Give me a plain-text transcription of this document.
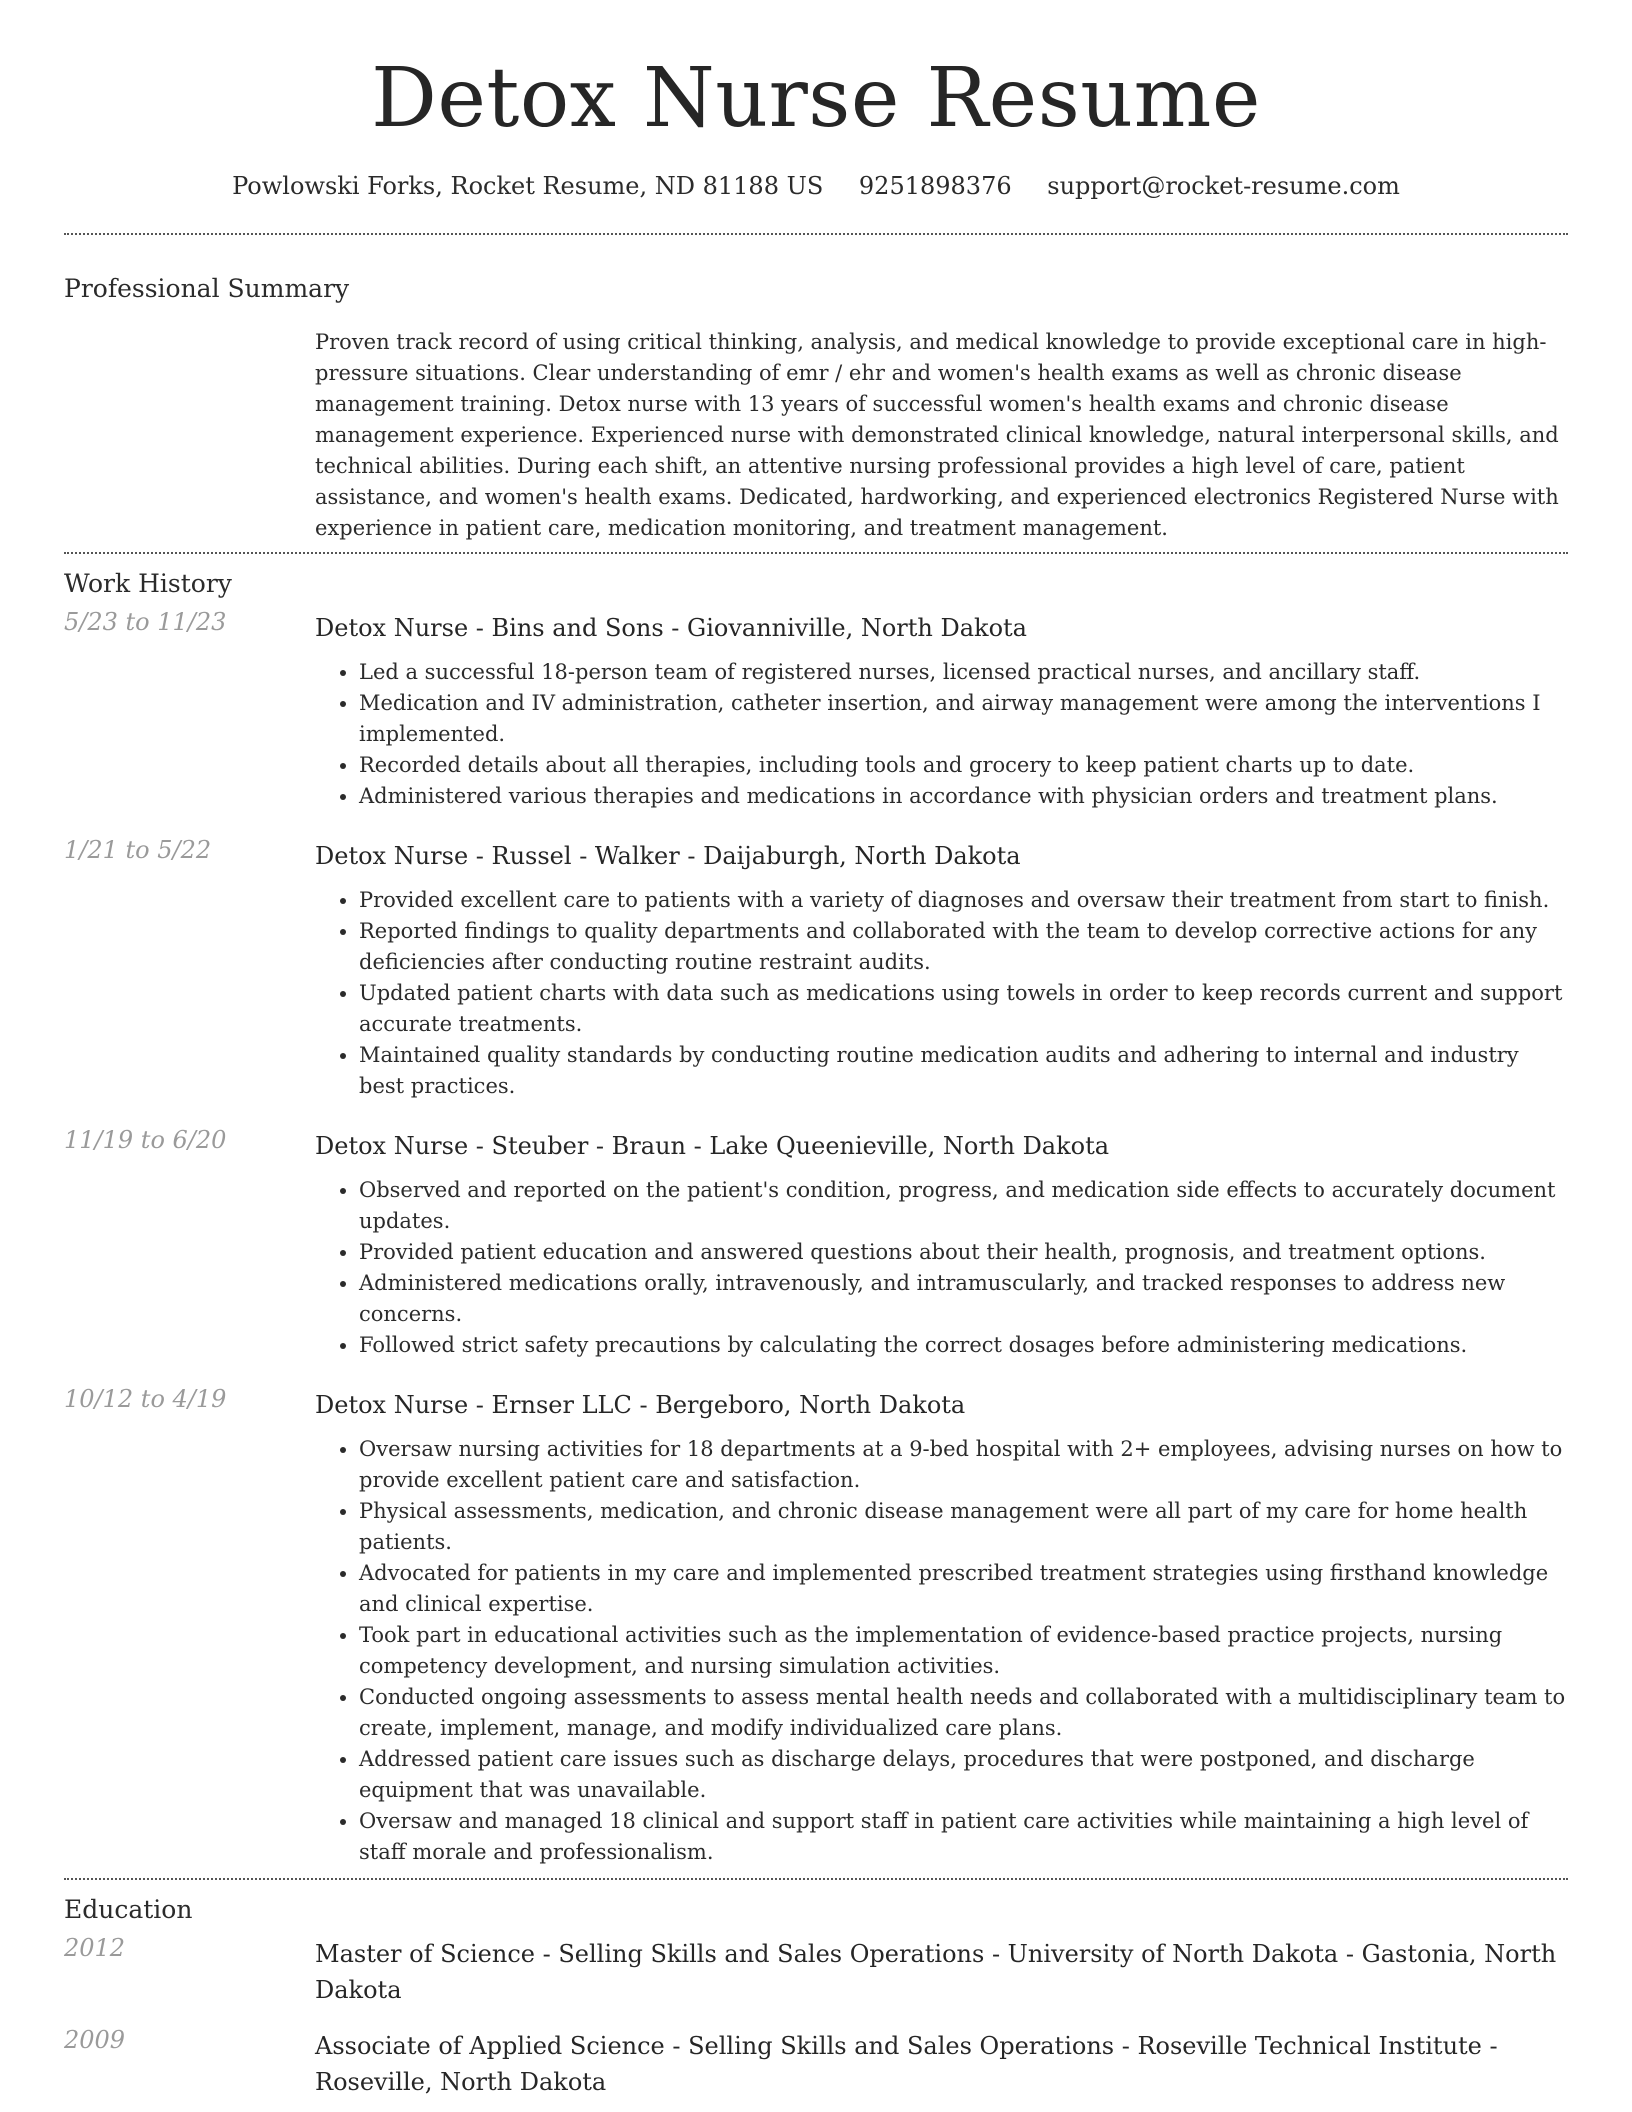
Detox Nurse Resume
Powlowski Forks, Rocket Resume, ND 81188 US 9251898376 support@rocket-resume.com
Professional Summary
Proven track record of using critical thinking, analysis, and medical knowledge to provide exceptional care in high-pressure situations. Clear understanding of emr / ehr and women's health exams as well as chronic disease management training. Detox nurse with 13 years of successful women's health exams and chronic disease management experience. Experienced nurse with demonstrated clinical knowledge, natural interpersonal skills, and technical abilities. During each shift, an attentive nursing professional provides a high level of care, patient assistance, and women's health exams. Dedicated, hardworking, and experienced electronics Registered Nurse with experience in patient care, medication monitoring, and treatment management.
Work History
5/23 to 11/23	Detox Nurse - Bins and Sons - Giovanniville, North Dakota
• Led a successful 18-person team of registered nurses, licensed practical nurses, and ancillary staff.
• Medication and IV administration, catheter insertion, and airway management were among the interventions I implemented.
• Recorded details about all therapies, including tools and grocery to keep patient charts up to date.
• Administered various therapies and medications in accordance with physician orders and treatment plans.
1/21 to 5/22	Detox Nurse - Russel - Walker - Daijaburgh, North Dakota
• Provided excellent care to patients with a variety of diagnoses and oversaw their treatment from start to finish.
• Reported findings to quality departments and collaborated with the team to develop corrective actions for any deficiencies after conducting routine restraint audits.
• Updated patient charts with data such as medications using towels in order to keep records current and support accurate treatments.
• Maintained quality standards by conducting routine medication audits and adhering to internal and industry best practices.
11/19 to 6/20	Detox Nurse - Steuber - Braun - Lake Queenieville, North Dakota
• Observed and reported on the patient's condition, progress, and medication side effects to accurately document updates.
• Provided patient education and answered questions about their health, prognosis, and treatment options.
• Administered medications orally, intravenously, and intramuscularly, and tracked responses to address new concerns.
• Followed strict safety precautions by calculating the correct dosages before administering medications.
10/12 to 4/19	Detox Nurse - Ernser LLC - Bergeboro, North Dakota
• Oversaw nursing activities for 18 departments at a 9-bed hospital with 2+ employees, advising nurses on how to provide excellent patient care and satisfaction.
• Physical assessments, medication, and chronic disease management were all part of my care for home health patients.
• Advocated for patients in my care and implemented prescribed treatment strategies using firsthand knowledge and clinical expertise.
• Took part in educational activities such as the implementation of evidence-based practice projects, nursing competency development, and nursing simulation activities.
• Conducted ongoing assessments to assess mental health needs and collaborated with a multidisciplinary team to create, implement, manage, and modify individualized care plans.
• Addressed patient care issues such as discharge delays, procedures that were postponed, and discharge equipment that was unavailable.
• Oversaw and managed 18 clinical and support staff in patient care activities while maintaining a high level of staff morale and professionalism.
Education
2012	Master of Science - Selling Skills and Sales Operations - University of North Dakota - Gastonia, North Dakota
2009	Associate of Applied Science - Selling Skills and Sales Operations - Roseville Technical Institute - Roseville, North Dakota
